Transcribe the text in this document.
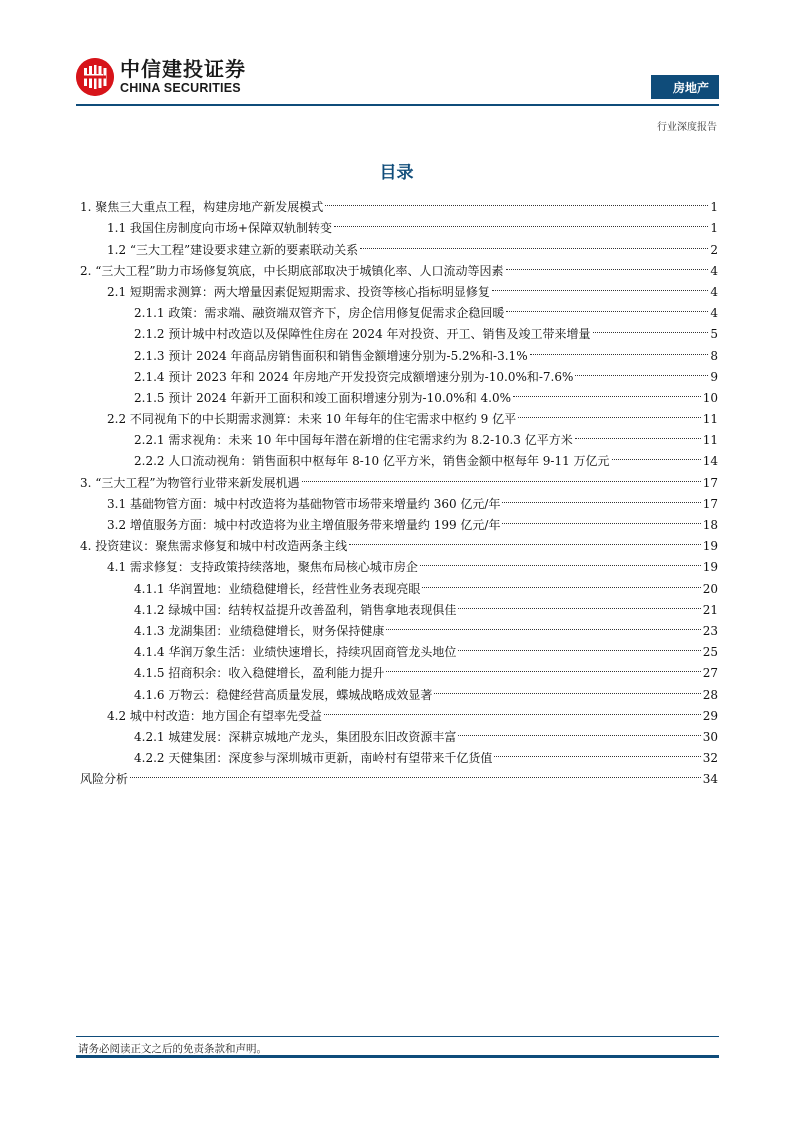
中信建投证券
CHINA SECURITIES	房地产
行业深度报告
目录
1. 聚焦三大重点工程，构建房地产新发展模式	1
1.1 我国住房制度向市场+保障双轨制转变	1
1.2 “三大工程”建设要求建立新的要素联动关系	2
2. “三大工程”助力市场修复筑底，中长期底部取决于城镇化率、人口流动等因素	4
2.1 短期需求测算：两大增量因素促短期需求、投资等核心指标明显修复	4
2.1.1 政策：需求端、融资端双管齐下，房企信用修复促需求企稳回暖	4
2.1.2 预计城中村改造以及保障性住房在 2024 年对投资、开工、销售及竣工带来增量	5
2.1.3 预计 2024 年商品房销售面积和销售金额增速分别为-5.2%和-3.1%	8
2.1.4 预计 2023 年和 2024 年房地产开发投资完成额增速分别为-10.0%和-7.6%	9
2.1.5 预计 2024 年新开工面积和竣工面积增速分别为-10.0%和 4.0%	10
2.2 不同视角下的中长期需求测算：未来 10 年每年的住宅需求中枢约 9 亿平	11
2.2.1 需求视角：未来 10 年中国每年潜在新增的住宅需求约为 8.2-10.3 亿平方米	11
2.2.2 人口流动视角：销售面积中枢每年 8-10 亿平方米，销售金额中枢每年 9-11 万亿元	14
3. “三大工程”为物管行业带来新发展机遇	17
3.1 基础物管方面：城中村改造将为基础物管市场带来增量约 360 亿元/年	17
3.2 增值服务方面：城中村改造将为业主增值服务带来增量约 199 亿元/年	18
4. 投资建议：聚焦需求修复和城中村改造两条主线	19
4.1 需求修复：支持政策持续落地，聚焦布局核心城市房企	19
4.1.1 华润置地：业绩稳健增长，经营性业务表现亮眼	20
4.1.2 绿城中国：结转权益提升改善盈利，销售拿地表现俱佳	21
4.1.3 龙湖集团：业绩稳健增长，财务保持健康	23
4.1.4 华润万象生活：业绩快速增长，持续巩固商管龙头地位	25
4.1.5 招商积余：收入稳健增长，盈利能力提升	27
4.1.6 万物云：稳健经营高质量发展，蝶城战略成效显著	28
4.2 城中村改造：地方国企有望率先受益	29
4.2.1 城建发展：深耕京城地产龙头，集团股东旧改资源丰富	30
4.2.2 天健集团：深度参与深圳城市更新，南岭村有望带来千亿货值	32
风险分析	34
请务必阅读正文之后的免责条款和声明。
